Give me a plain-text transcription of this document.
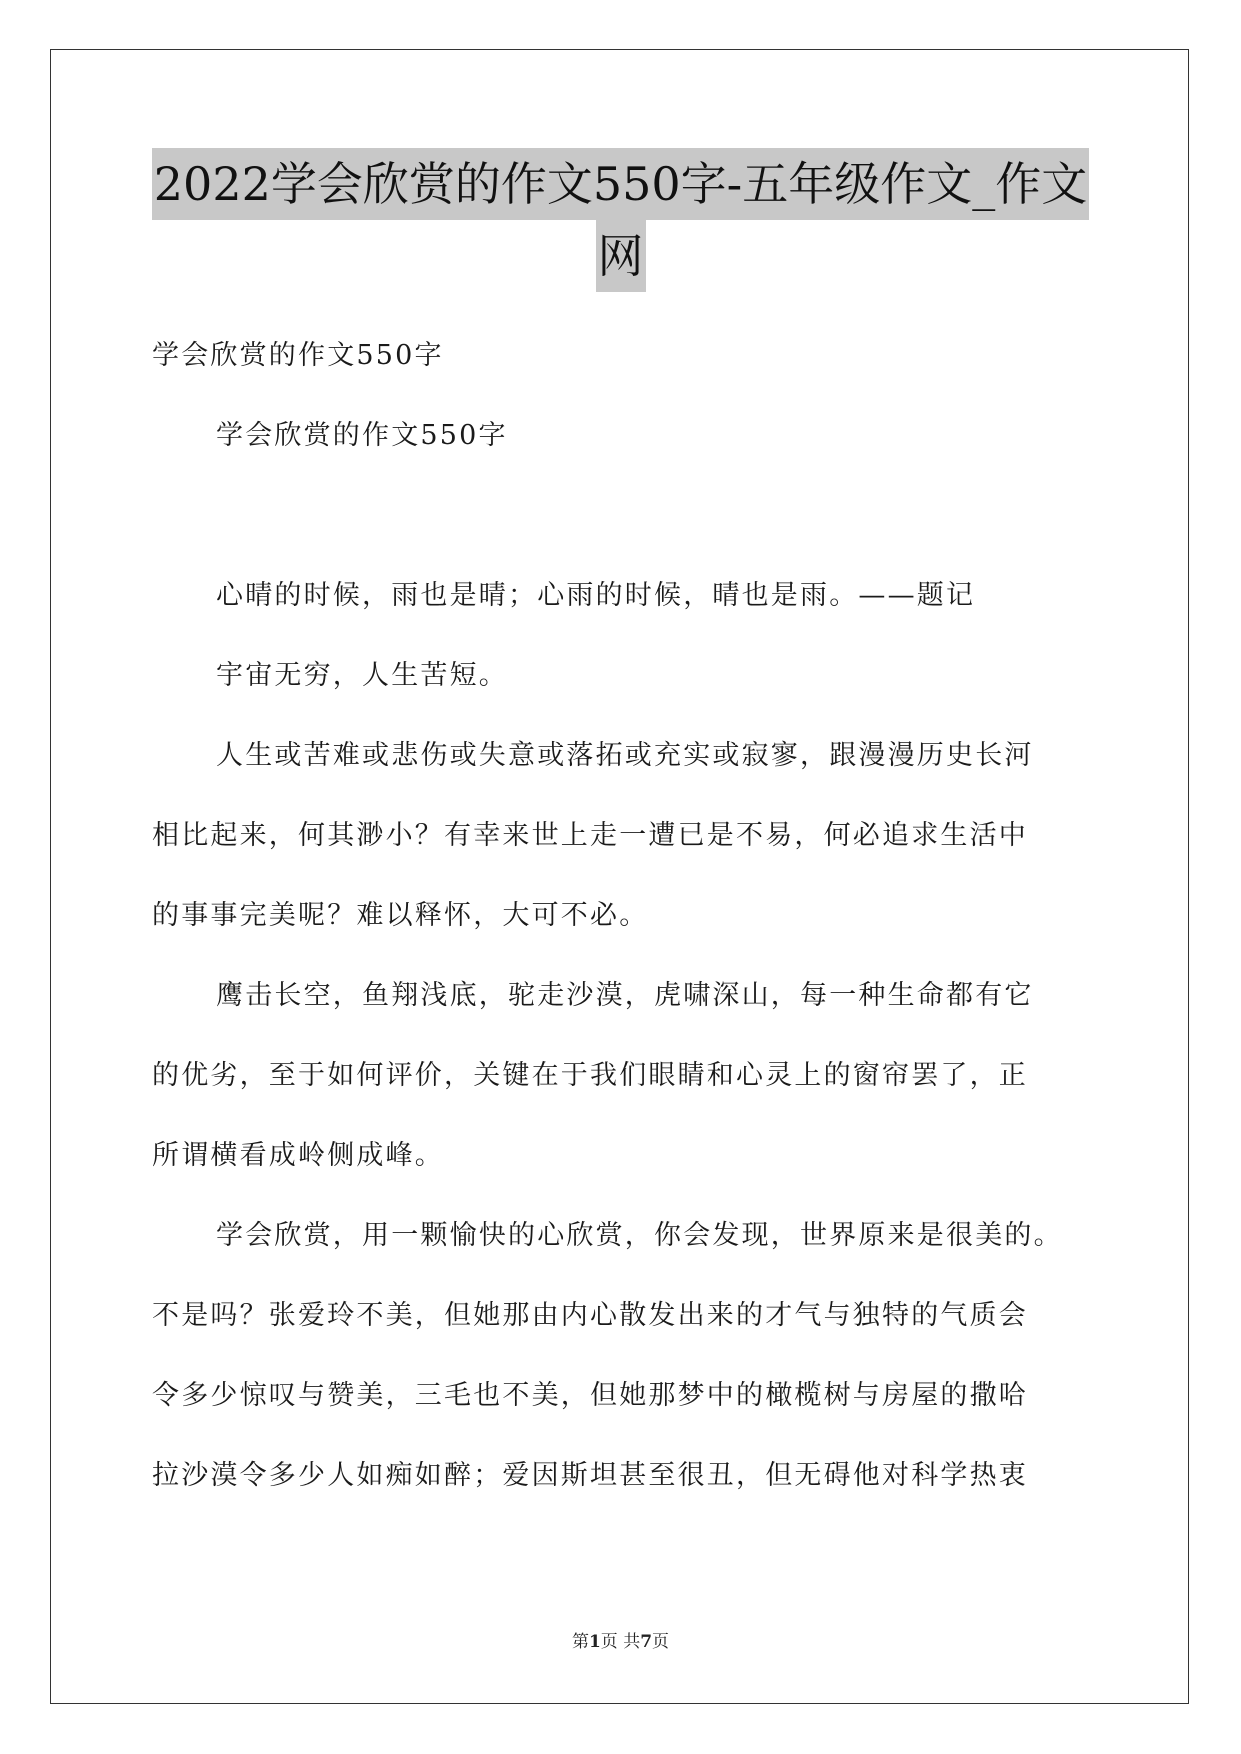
2022学会欣赏的作文550字-五年级作文_作文
网

学会欣赏的作文550字

学会欣赏的作文550字

心晴的时候，雨也是晴；心雨的时候，晴也是雨。——题记

宇宙无穷，人生苦短。

人生或苦难或悲伤或失意或落拓或充实或寂寥，跟漫漫历史长河

相比起来，何其渺小？有幸来世上走一遭已是不易，何必追求生活中

的事事完美呢？难以释怀，大可不必。

鹰击长空，鱼翔浅底，驼走沙漠，虎啸深山，每一种生命都有它

的优劣，至于如何评价，关键在于我们眼睛和心灵上的窗帘罢了，正

所谓横看成岭侧成峰。

学会欣赏，用一颗愉快的心欣赏，你会发现，世界原来是很美的。

不是吗？张爱玲不美，但她那由内心散发出来的才气与独特的气质会

令多少惊叹与赞美，三毛也不美，但她那梦中的橄榄树与房屋的撒哈

拉沙漠令多少人如痴如醉；爱因斯坦甚至很丑，但无碍他对科学热衷

第1页 共7页
